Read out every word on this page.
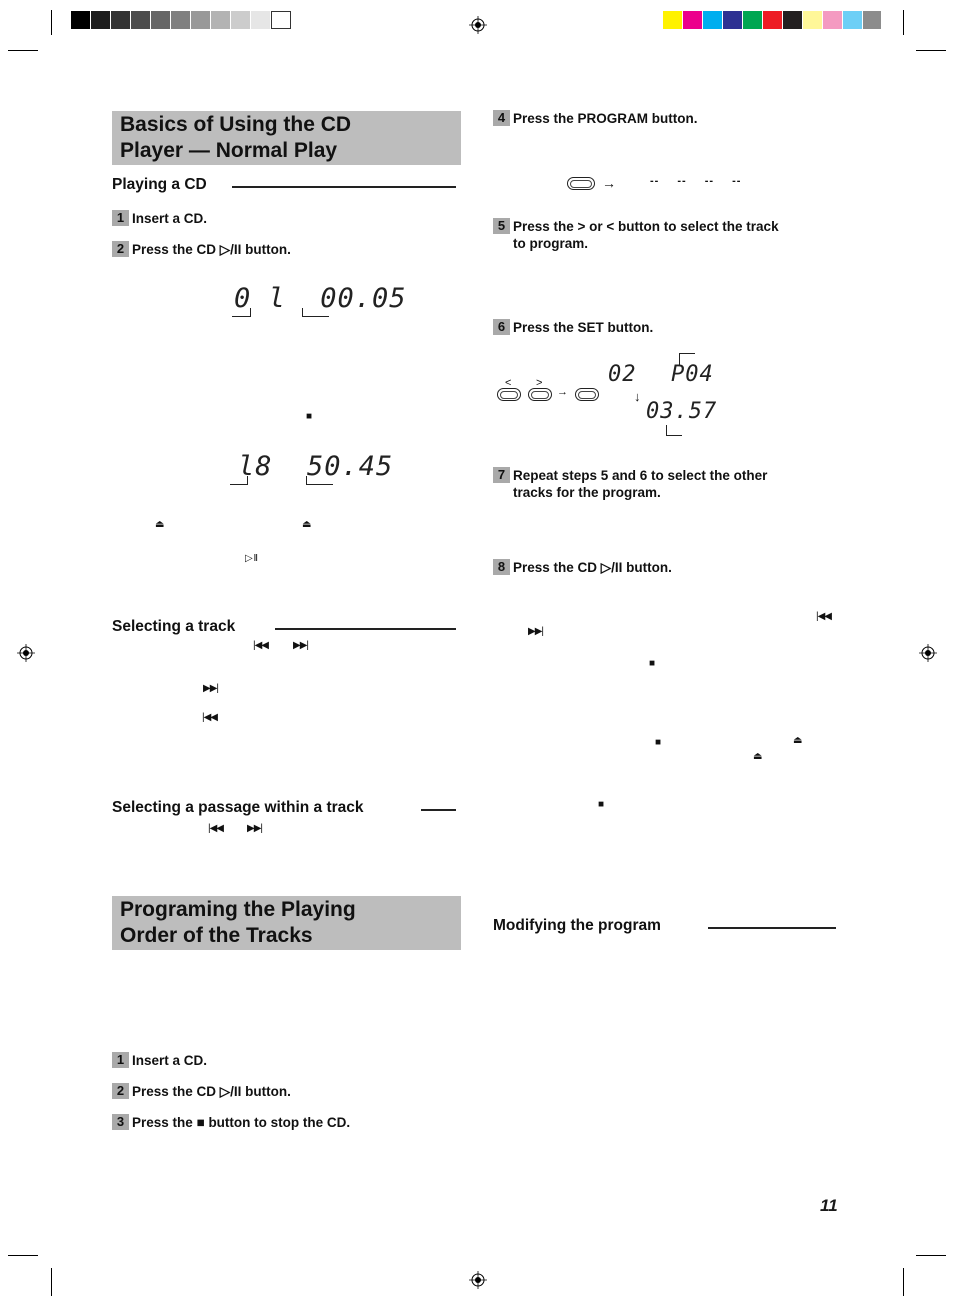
Basics of Using the CD
Player — Normal Play
Playing a CD
1 Insert a CD.
2 Press the CD ▷/II button.
0 l  00.05
■
l8  50.45
⏏	⏏
▷ II
Selecting a track
|◀◀	▶▶|
▶▶|
|◀◀
Selecting a passage within a track
|◀◀ ▶▶|
Programing the Playing
Order of the Tracks
1 Insert a CD.
2 Press the CD ▷/II button.
3 Press the ■ button to stop the CD.
4 Press the PROGRAM button.
→	-- -- -- --
5 Press the > or < button to select the track
to program.
6 Press the SET button.
< >
→
02 P04
↓
03.57
7 Repeat steps 5 and 6 to select the other
tracks for the program.
8 Press the CD ▷/II button.
|◀◀
▶▶|
■
■	⏏
⏏
■
Modifying the program
11
